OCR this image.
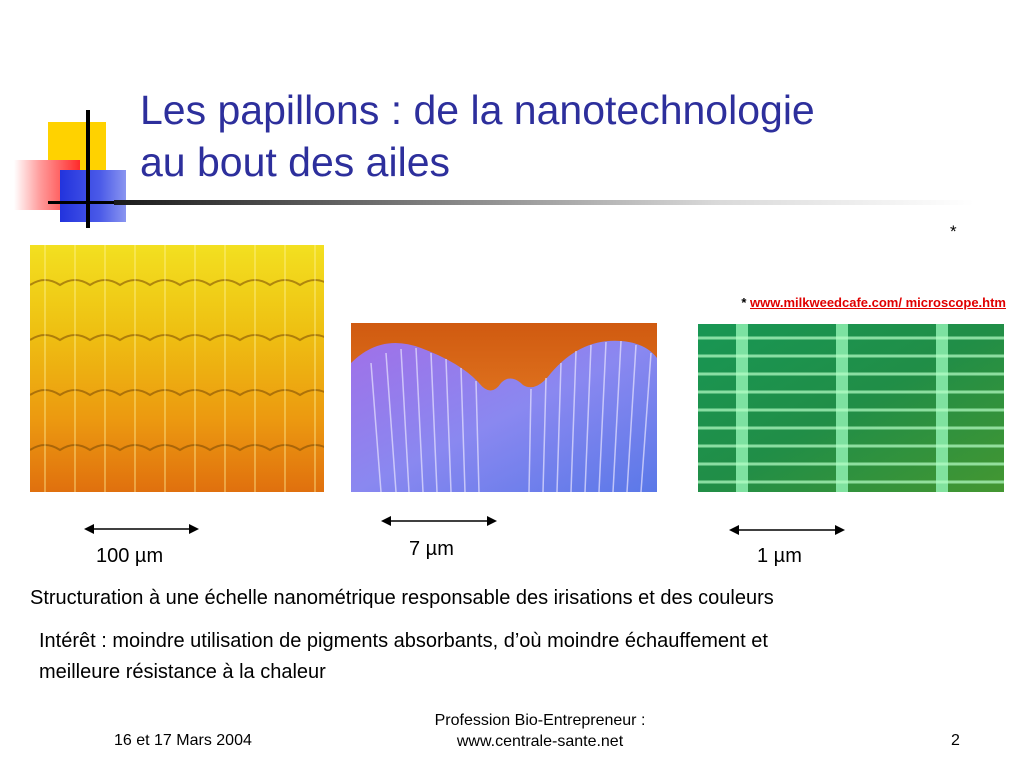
Les papillons : de la nanotechnologie
au bout des ailes
*
* www.milkweedcafe.com/ microscope.htm
100 µm	7 µm	1 µm
Structuration à une échelle nanométrique responsable des irisations et des couleurs
Intérêt : moindre utilisation de pigments absorbants, d’où moindre échauffement et
meilleure résistance à la chaleur
16 et 17 Mars 2004
Profession Bio-Entrepreneur :
www.centrale-sante.net	2
